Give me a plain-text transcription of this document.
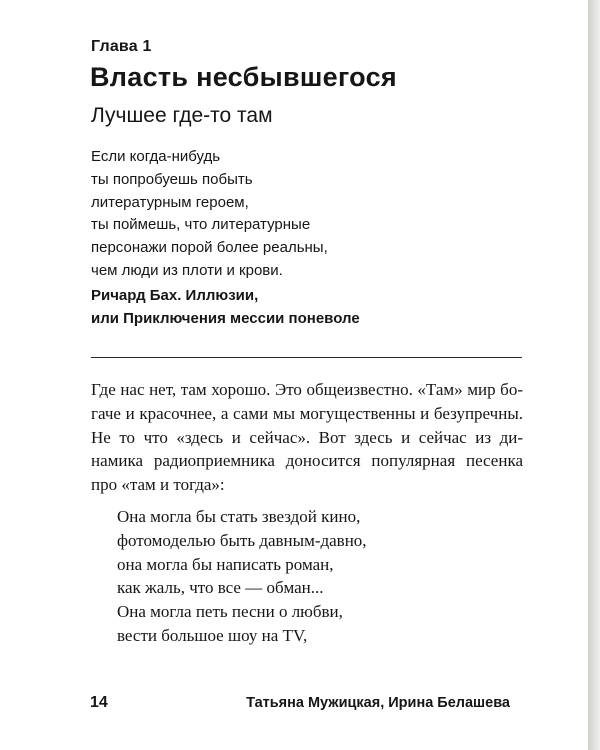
Глава 1
Власть несбывшегося
Лучшее где-то там
Если когда-нибудь
ты попробуешь побыть
литературным героем,
ты поймешь, что литературные
персонажи порой более реальны,
чем люди из плоти и крови.
Ричард Бах. Иллюзии,
или Приключения мессии поневоле
Где нас нет, там хорошо. Это общеизвестно. «Там» мир бо-
гаче и красочнее, а сами мы могущественны и безупречны.
Не то что «здесь и сейчас». Вот здесь и сейчас из ди-
намика радиоприемника доносится популярная песенка
про «там и тогда»:
Она могла бы стать звездой кино,
фотомоделью быть давным-давно,
она могла бы написать роман,
как жаль, что все — обман...
Она могла петь песни о любви,
вести большое шоу на TV,
14	Татьяна Мужицкая, Ирина Белашева
